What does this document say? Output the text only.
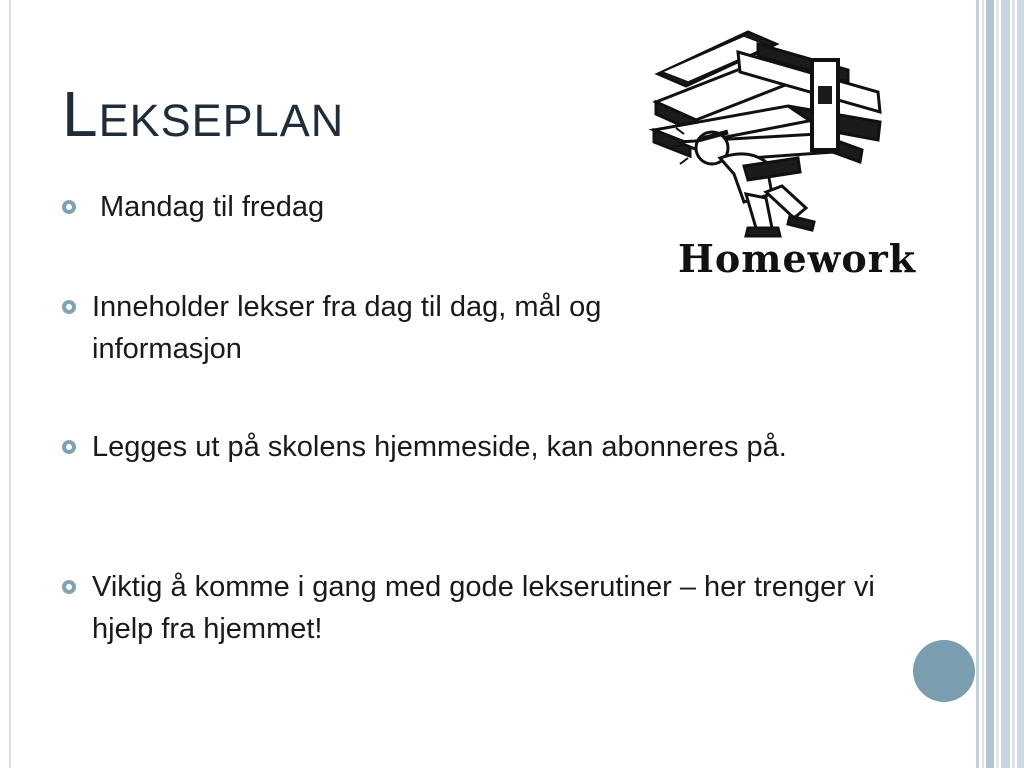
Lekseplan
Mandag til fredag
Inneholder lekser fra dag til dag, mål og informasjon
Legges ut på skolens hjemmeside, kan abonneres på.
Viktig å komme i gang med gode lekserutiner – her trenger vi hjelp fra hjemmet!
Homework
